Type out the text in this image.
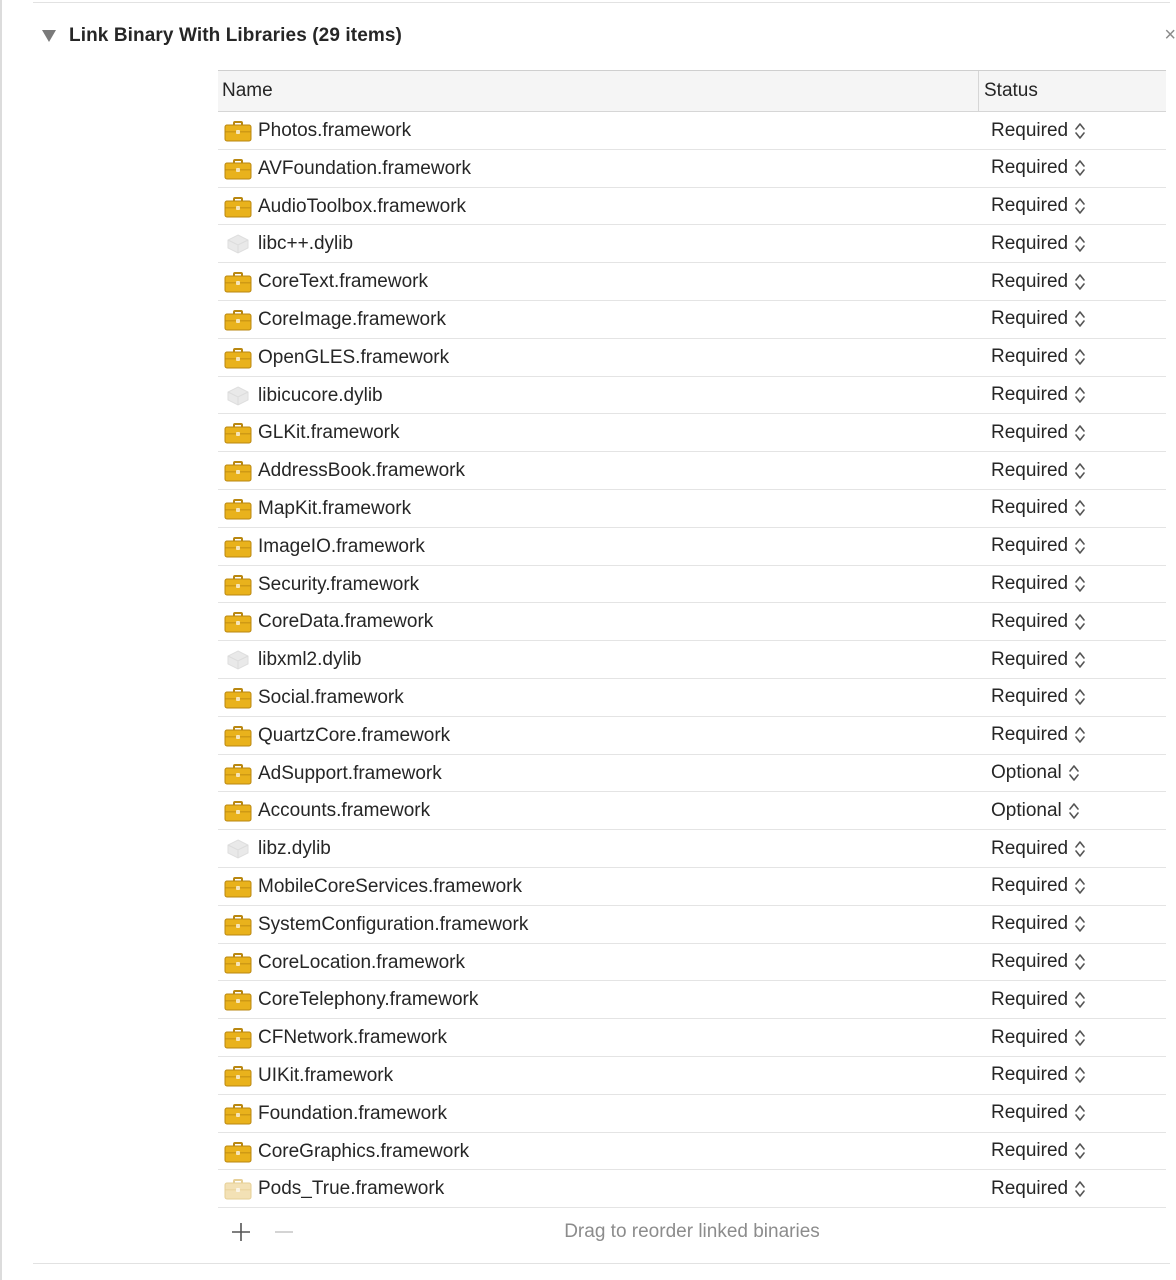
Link Binary With Libraries (29 items)	×
Name	Status
Photos.framework	Required
AVFoundation.framework	Required
AudioToolbox.framework	Required
libc++.dylib	Required
CoreText.framework	Required
CoreImage.framework	Required
OpenGLES.framework	Required
libicucore.dylib	Required
GLKit.framework	Required
AddressBook.framework	Required
MapKit.framework	Required
ImageIO.framework	Required
Security.framework	Required
CoreData.framework	Required
libxml2.dylib	Required
Social.framework	Required
QuartzCore.framework	Required
AdSupport.framework	Optional
Accounts.framework	Optional
libz.dylib	Required
MobileCoreServices.framework	Required
SystemConfiguration.framework	Required
CoreLocation.framework	Required
CoreTelephony.framework	Required
CFNetwork.framework	Required
UIKit.framework	Required
Foundation.framework	Required
CoreGraphics.framework	Required
Pods_True.framework	Required
Drag to reorder linked binaries
